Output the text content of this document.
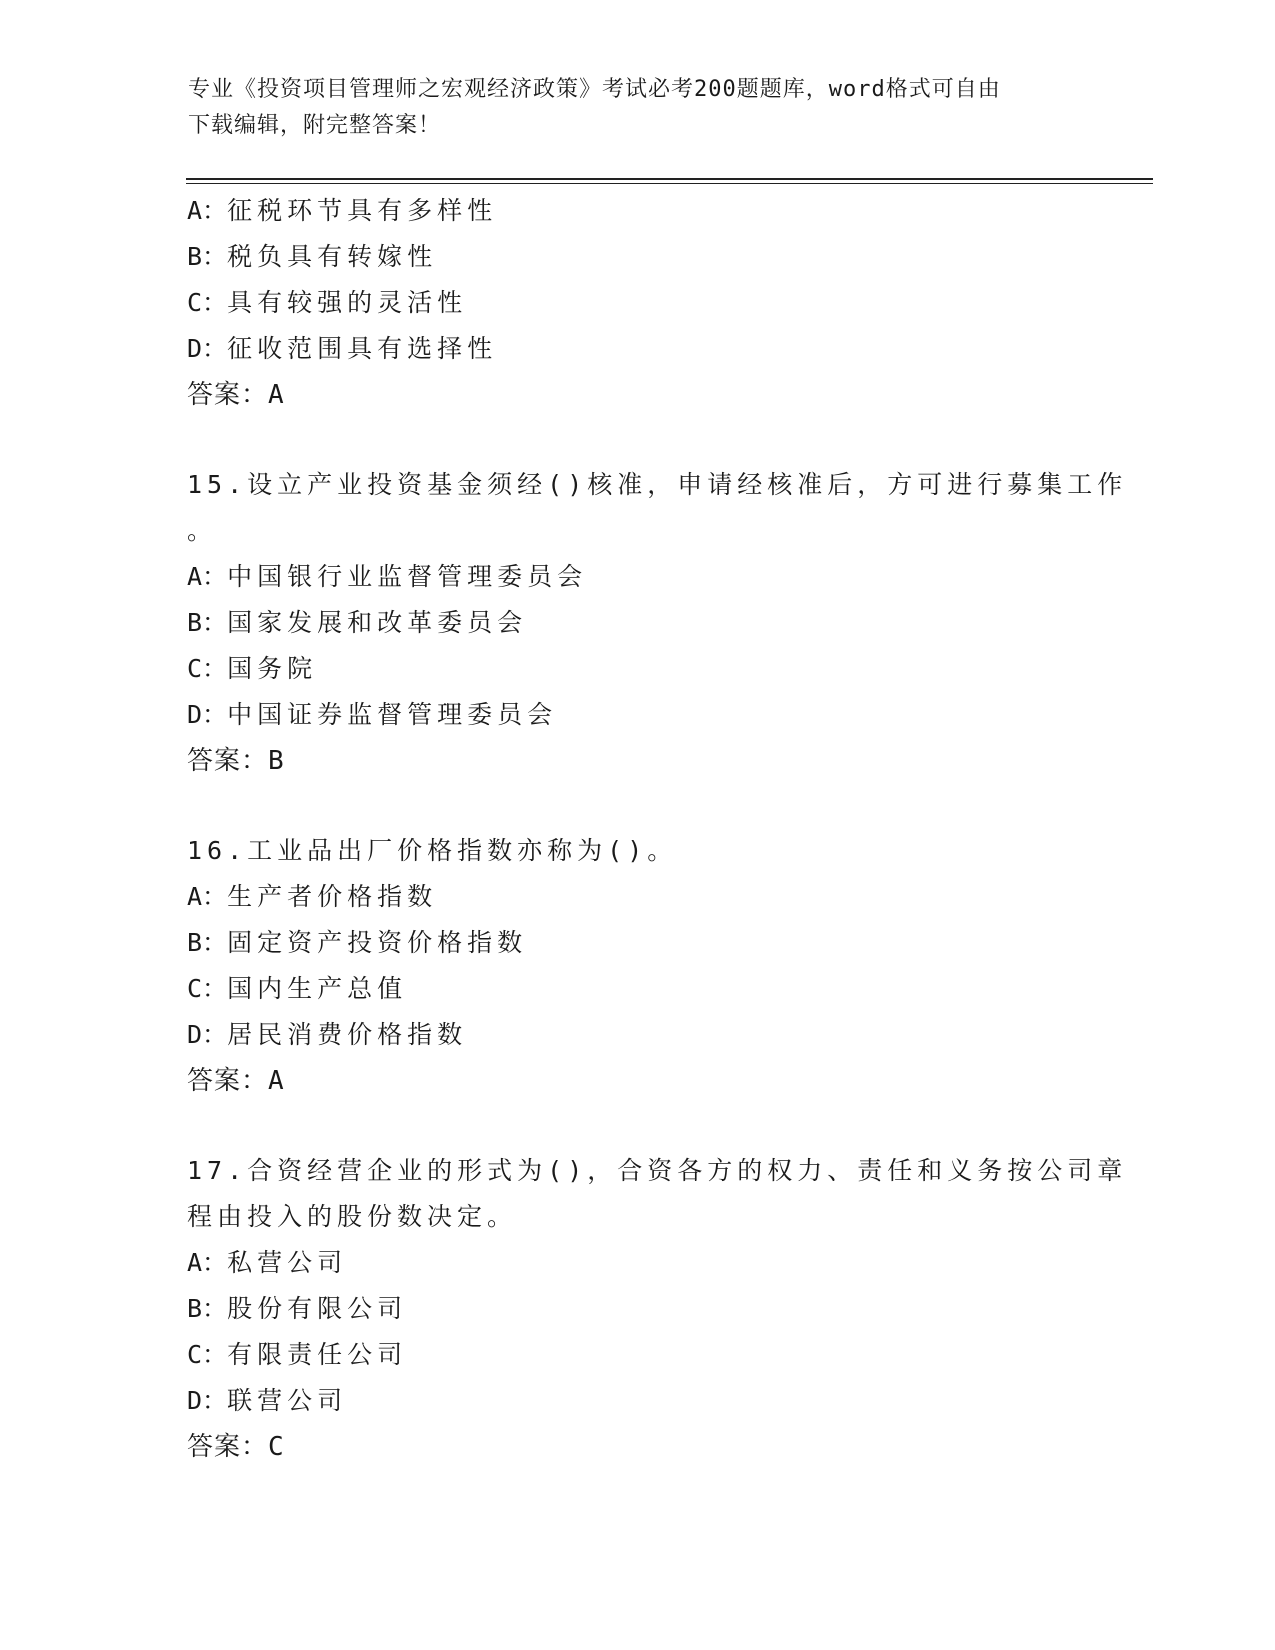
专业《投资项目管理师之宏观经济政策》考试必考200题题库，word格式可自由
下载编辑，附完整答案！
A：征税环节具有多样性
B：税负具有转嫁性
C：具有较强的灵活性
D：征收范围具有选择性
答案：A
15.设立产业投资基金须经()核准，申请经核准后，方可进行募集工作
。
A：中国银行业监督管理委员会
B：国家发展和改革委员会
C：国务院
D：中国证券监督管理委员会
答案：B
16.工业品出厂价格指数亦称为()。
A：生产者价格指数
B：固定资产投资价格指数
C：国内生产总值
D：居民消费价格指数
答案：A
17.合资经营企业的形式为()，合资各方的权力、责任和义务按公司章
程由投入的股份数决定。
A：私营公司
B：股份有限公司
C：有限责任公司
D：联营公司
答案：C
